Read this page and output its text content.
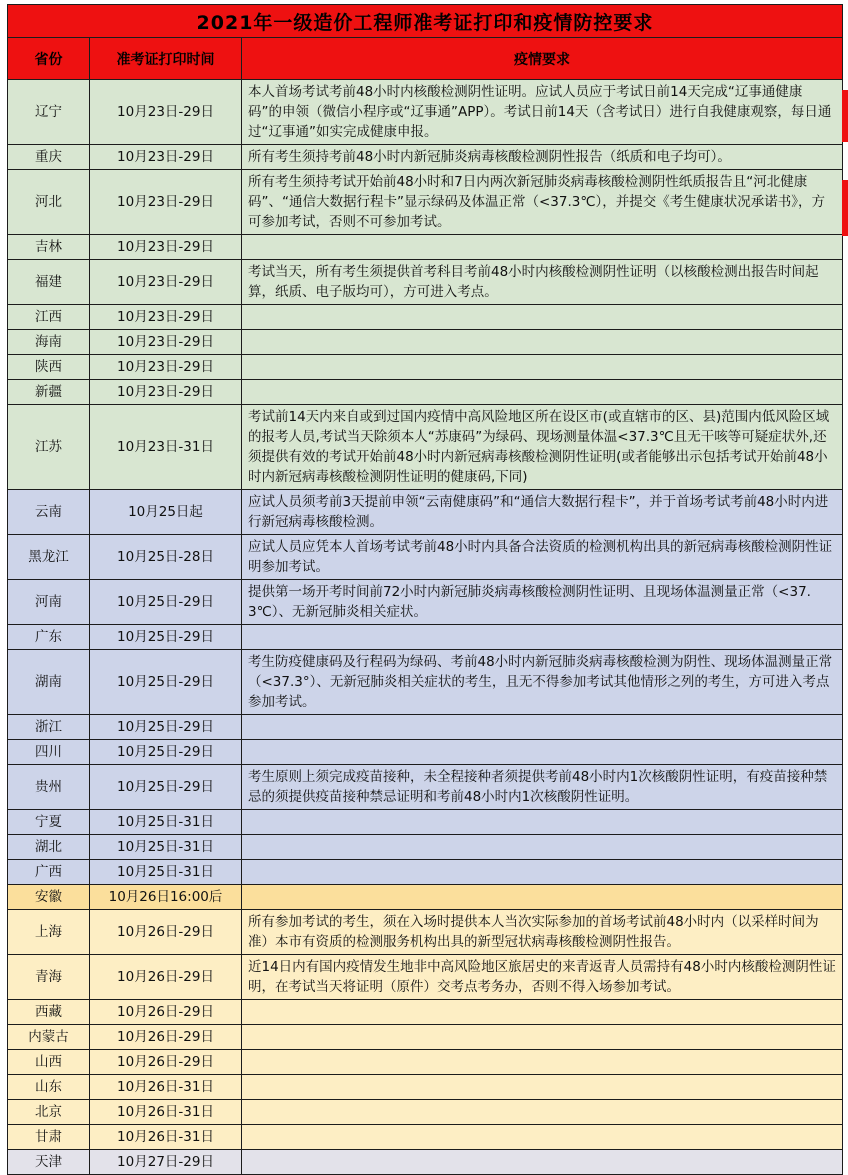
2021年一级造价工程师准考证打印和疫情防控要求		
省份	准考证打印时间	疫情要求
辽宁	10月23日-29日	本人首场考试考前48小时内核酸检测阴性证明。应试人员应于考试日前14天完成“辽事通健康码”的申领（微信小程序或“辽事通”APP）。考试日前14天（含考试日）进行自我健康观察，每日通过“辽事通”如实完成健康申报。
重庆	10月23日-29日	所有考生须持考前48小时内新冠肺炎病毒核酸检测阴性报告（纸质和电子均可）。
河北	10月23日-29日	所有考生须持考试开始前48小时和7日内两次新冠肺炎病毒核酸检测阴性纸质报告且“河北健康码”、“通信大数据行程卡”显示绿码及体温正常（<37.3℃），并提交《考生健康状况承诺书》，方可参加考试，否则不可参加考试。
吉林	10月23日-29日	
福建	10月23日-29日	考试当天，所有考生须提供首考科目考前48小时内核酸检测阴性证明（以核酸检测出报告时间起算，纸质、电子版均可），方可进入考点。
江西	10月23日-29日	
海南	10月23日-29日	
陕西	10月23日-29日	
新疆	10月23日-29日	
江苏	10月23日-31日	考试前14天内来自或到过国内疫情中高风险地区所在设区市(或直辖市的区、县)范围内低风险区域的报考人员,考试当天除须本人“苏康码”为绿码、现场测量体温<37.3℃且无干咳等可疑症状外,还须提供有效的考试开始前48小时内新冠病毒核酸检测阴性证明(或者能够出示包括考试开始前48小时内新冠病毒核酸检测阴性证明的健康码,下同)
云南	10月25日起	应试人员须考前3天提前申领“云南健康码”和“通信大数据行程卡”，并于首场考试考前48小时内进行新冠病毒核酸检测。
黑龙江	10月25日-28日	应试人员应凭本人首场考试考前48小时内具备合法资质的检测机构出具的新冠病毒核酸检测阴性证明参加考试。
河南	10月25日-29日	提供第一场开考时间前72小时内新冠肺炎病毒核酸检测阴性证明、且现场体温测量正常（<37.3℃）、无新冠肺炎相关症状。
广东	10月25日-29日	
湖南	10月25日-29日	考生防疫健康码及行程码为绿码、考前48小时内新冠肺炎病毒核酸检测为阴性、现场体温测量正常（<37.3°）、无新冠肺炎相关症状的考生，且无不得参加考试其他情形之列的考生，方可进入考点参加考试。
浙江	10月25日-29日	
四川	10月25日-29日	
贵州	10月25日-29日	考生原则上须完成疫苗接种，未全程接种者须提供考前48小时内1次核酸阴性证明，有疫苗接种禁忌的须提供疫苗接种禁忌证明和考前48小时内1次核酸阴性证明。
宁夏	10月25日-31日	
湖北	10月25日-31日	
广西	10月25日-31日	
安徽	10月26日16:00后	
上海	10月26日-29日	所有参加考试的考生，须在入场时提供本人当次实际参加的首场考试前48小时内（以采样时间为准）本市有资质的检测服务机构出具的新型冠状病毒核酸检测阴性报告。
青海	10月26日-29日	近14日内有国内疫情发生地非中高风险地区旅居史的来青返青人员需持有48小时内核酸检测阴性证明，在考试当天将证明（原件）交考点考务办，否则不得入场参加考试。
西藏	10月26日-29日	
内蒙古	10月26日-29日	
山西	10月26日-29日	
山东	10月26日-31日	
北京	10月26日-31日	
甘肃	10月26日-31日	
天津	10月27日-29日	
